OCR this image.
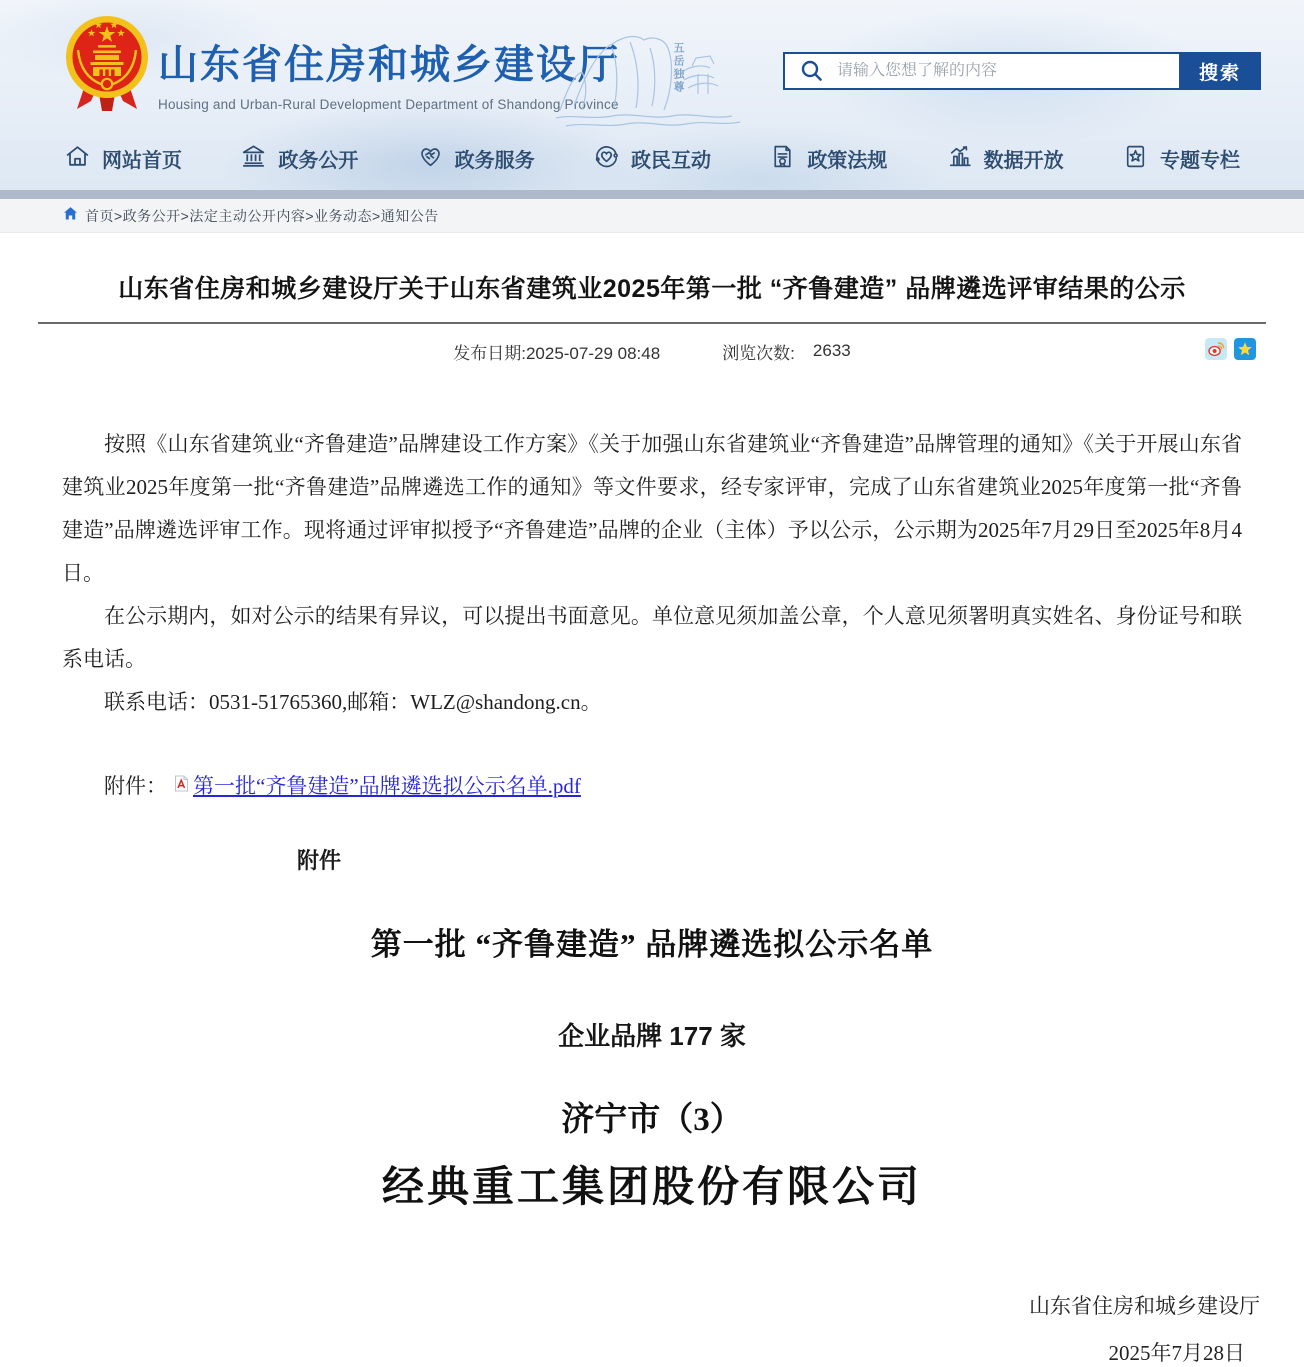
山东省住房和城乡建设厅
Housing and Urban-Rural Development Department of Shandong Province
五岳独尊
请输入您想了解的内容	搜索
网站首页	政务公开	政务服务	政民互动	政策法规	数据开放	专题专栏
首页>政务公开>法定主动公开内容>业务动态>通知公告
山东省住房和城乡建设厅关于山东省建筑业2025年第一批 “齐鲁建造” 品牌遴选评审结果的公示
发布日期:2025-07-29 08:48	浏览次数: 2633

按照《山东省建筑业“齐鲁建造”品牌建设工作方案》《关于加强山东省建筑业“齐鲁建造”品牌管理的通知》《关于开展山东省建筑业2025年度第一批“齐鲁建造”品牌遴选工作的通知》等文件要求，经专家评审，完成了山东省建筑业2025年度第一批“齐鲁建造”品牌遴选评审工作。现将通过评审拟授予“齐鲁建造”品牌的企业（主体）予以公示，公示期为2025年7月29日至2025年8月4日。

在公示期内，如对公示的结果有异议，可以提出书面意见。单位意见须加盖公章，个人意见须署明真实姓名、身份证号和联系电话。

联系电话：0531-51765360,邮箱：WLZ@shandong.cn。

附件： 第一批“齐鲁建造”品牌遴选拟公示名单.pdf
附件
第一批 “齐鲁建造” 品牌遴选拟公示名单
企业品牌 177 家
济宁市（3）
经典重工集团股份有限公司
山东省住房和城乡建设厅
2025年7月28日
